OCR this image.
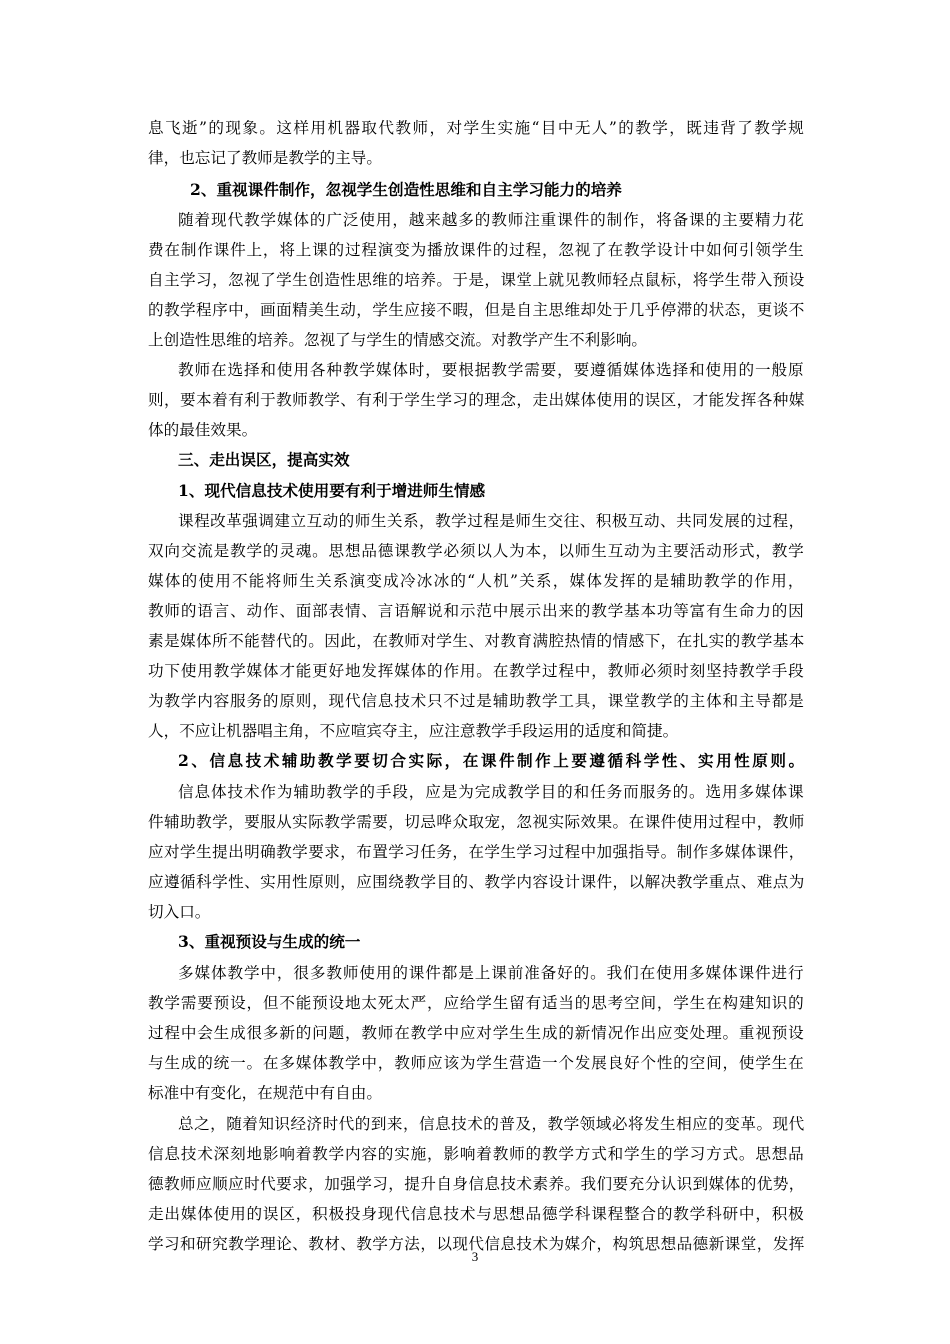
息飞逝”的现象。这样用机器取代教师，对学生实施“目中无人”的教学，既违背了教学规
律，也忘记了教师是教学的主导。
2、重视课件制作，忽视学生创造性思维和自主学习能力的培养
随着现代教学媒体的广泛使用，越来越多的教师注重课件的制作，将备课的主要精力花
费在制作课件上，将上课的过程演变为播放课件的过程，忽视了在教学设计中如何引领学生
自主学习，忽视了学生创造性思维的培养。于是，课堂上就见教师轻点鼠标，将学生带入预设
的教学程序中，画面精美生动，学生应接不暇，但是自主思维却处于几乎停滞的状态，更谈不
上创造性思维的培养。忽视了与学生的情感交流。对教学产生不利影响。
教师在选择和使用各种教学媒体时，要根据教学需要，要遵循媒体选择和使用的一般原
则，要本着有利于教师教学、有利于学生学习的理念，走出媒体使用的误区，才能发挥各种媒
体的最佳效果。
三、走出误区，提高实效
1、现代信息技术使用要有利于增进师生情感
课程改革强调建立互动的师生关系，教学过程是师生交往、积极互动、共同发展的过程，
双向交流是教学的灵魂。思想品德课教学必须以人为本，以师生互动为主要活动形式，教学
媒体的使用不能将师生关系演变成冷冰冰的“人机”关系，媒体发挥的是辅助教学的作用，
教师的语言、动作、面部表情、言语解说和示范中展示出来的教学基本功等富有生命力的因
素是媒体所不能替代的。因此，在教师对学生、对教育满腔热情的情感下，在扎实的教学基本
功下使用教学媒体才能更好地发挥媒体的作用。在教学过程中，教师必须时刻坚持教学手段
为教学内容服务的原则，现代信息技术只不过是辅助教学工具，课堂教学的主体和主导都是
人，不应让机器唱主角，不应喧宾夺主，应注意教学手段运用的适度和简捷。
2、信息技术辅助教学要切合实际，在课件制作上要遵循科学性、实用性原则。
信息体技术作为辅助教学的手段，应是为完成教学目的和任务而服务的。选用多媒体课
件辅助教学，要服从实际教学需要，切忌哗众取宠，忽视实际效果。在课件使用过程中，教师
应对学生提出明确教学要求，布置学习任务，在学生学习过程中加强指导。制作多媒体课件，
应遵循科学性、实用性原则，应围绕教学目的、教学内容设计课件，以解决教学重点、难点为
切入口。
3、重视预设与生成的统一
多媒体教学中，很多教师使用的课件都是上课前准备好的。我们在使用多媒体课件进行
教学需要预设，但不能预设地太死太严，应给学生留有适当的思考空间，学生在构建知识的
过程中会生成很多新的问题，教师在教学中应对学生生成的新情况作出应变处理。重视预设
与生成的统一。在多媒体教学中，教师应该为学生营造一个发展良好个性的空间，使学生在
标准中有变化，在规范中有自由。
总之，随着知识经济时代的到来，信息技术的普及，教学领域必将发生相应的变革。现代
信息技术深刻地影响着教学内容的实施，影响着教师的教学方式和学生的学习方式。思想品
德教师应顺应时代要求，加强学习，提升自身信息技术素养。我们要充分认识到媒体的优势，
走出媒体使用的误区，积极投身现代信息技术与思想品德学科课程整合的教学科研中，积极
学习和研究教学理论、教材、教学方法，以现代信息技术为媒介，构筑思想品德新课堂，发挥
3
